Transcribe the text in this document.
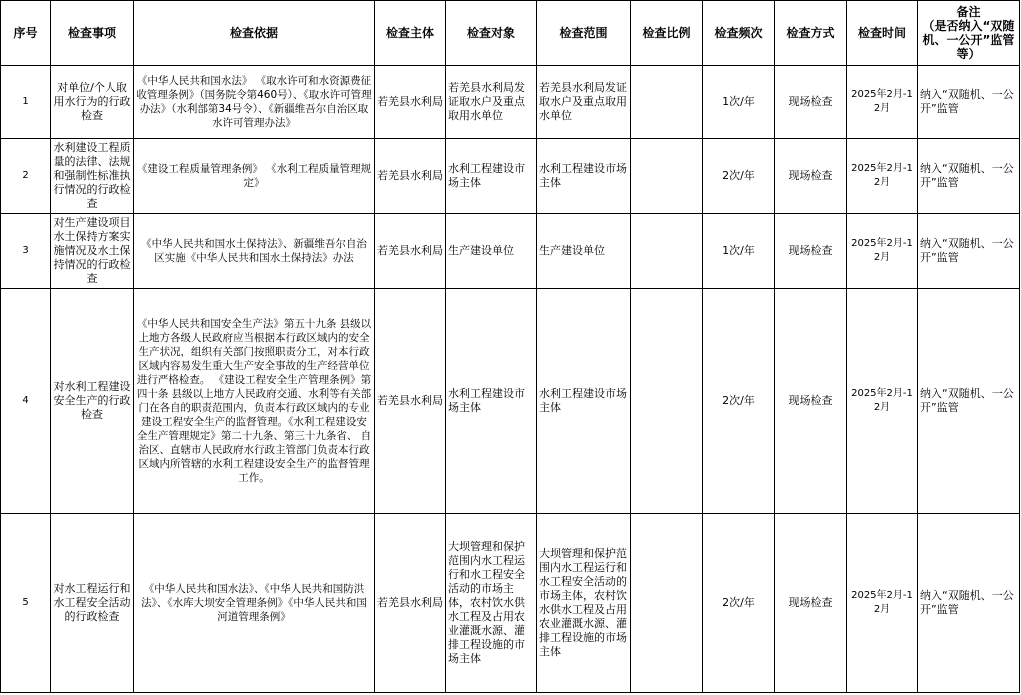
序号	检查事项	检查依据	检查主体	检查对象	检查范围	检查比例	检查频次	检查方式	检查时间	备注
（是否纳入“双随机、一公开”监管等）
1	对单位/个人取用水行为的行政检查	《中华人民共和国水法》 《取水许可和水资源费征收管理条例》（国务院令第460号）、《取水许可管理办法》（水利部第34号令）、《新疆维吾尔自治区取水许可管理办法》	若羌县水利局	若羌县水利局发证取水户及重点取用水单位	若羌县水利局发证取水户及重点取用水单位		1次/年	现场检查	2025年2月-12月	纳入“双随机、一公开”监管
2	水利建设工程质量的法律、法规和强制性标准执行情况的行政检查	《建设工程质量管理条例》 《水利工程质量管理规定》	若羌县水利局	水利工程建设市场主体	水利工程建设市场主体		2次/年	现场检查	2025年2月-12月	纳入“双随机、一公开”监管
3	对生产建设项目水土保持方案实施情况及水土保持情况的行政检查	《中华人民共和国水土保持法》、新疆维吾尔自治区实施《中华人民共和国水土保持法》办法	若羌县水利局	生产建设单位	生产建设单位		1次/年	现场检查	2025年2月-12月	纳入“双随机、一公开”监管
4	对水利工程建设安全生产的行政检查	《中华人民共和国安全生产法》第五十九条 县级以上地方各级人民政府应当根据本行政区域内的安全生产状况，组织有关部门按照职责分工，对本行政区域内容易发生重大生产安全事故的生产经营单位进行严格检查。 《建设工程安全生产管理条例》第四十条 县级以上地方人民政府交通、水利等有关部门在各自的职责范围内，负责本行政区域内的专业建设工程安全生产的监督管理。《水利工程建设安全生产管理规定》第二十九条、第三十九条省、 自治区、直辖市人民政府水行政主管部门负责本行政区域内所管辖的水利工程建设安全生产的监督管理工作。	若羌县水利局	水利工程建设市场主体	水利工程建设市场主体		2次/年	现场检查	2025年2月-12月	纳入“双随机、一公开”监管
5	对水工程运行和水工程安全活动的行政检查	《中华人民共和国水法》、《中华人民共和国防洪法》、《水库大坝安全管理条例》《中华人民共和国河道管理条例》	若羌县水利局	大坝管理和保护范围内水工程运行和水工程安全活动的市场主体，农村饮水供水工程及占用农业灌溉水源、灌排工程设施的市场主体	大坝管理和保护范围内水工程运行和水工程安全活动的市场主体，农村饮水供水工程及占用农业灌溉水源、灌排工程设施的市场主体		2次/年	现场检查	2025年2月-12月	纳入“双随机、一公开”监管
